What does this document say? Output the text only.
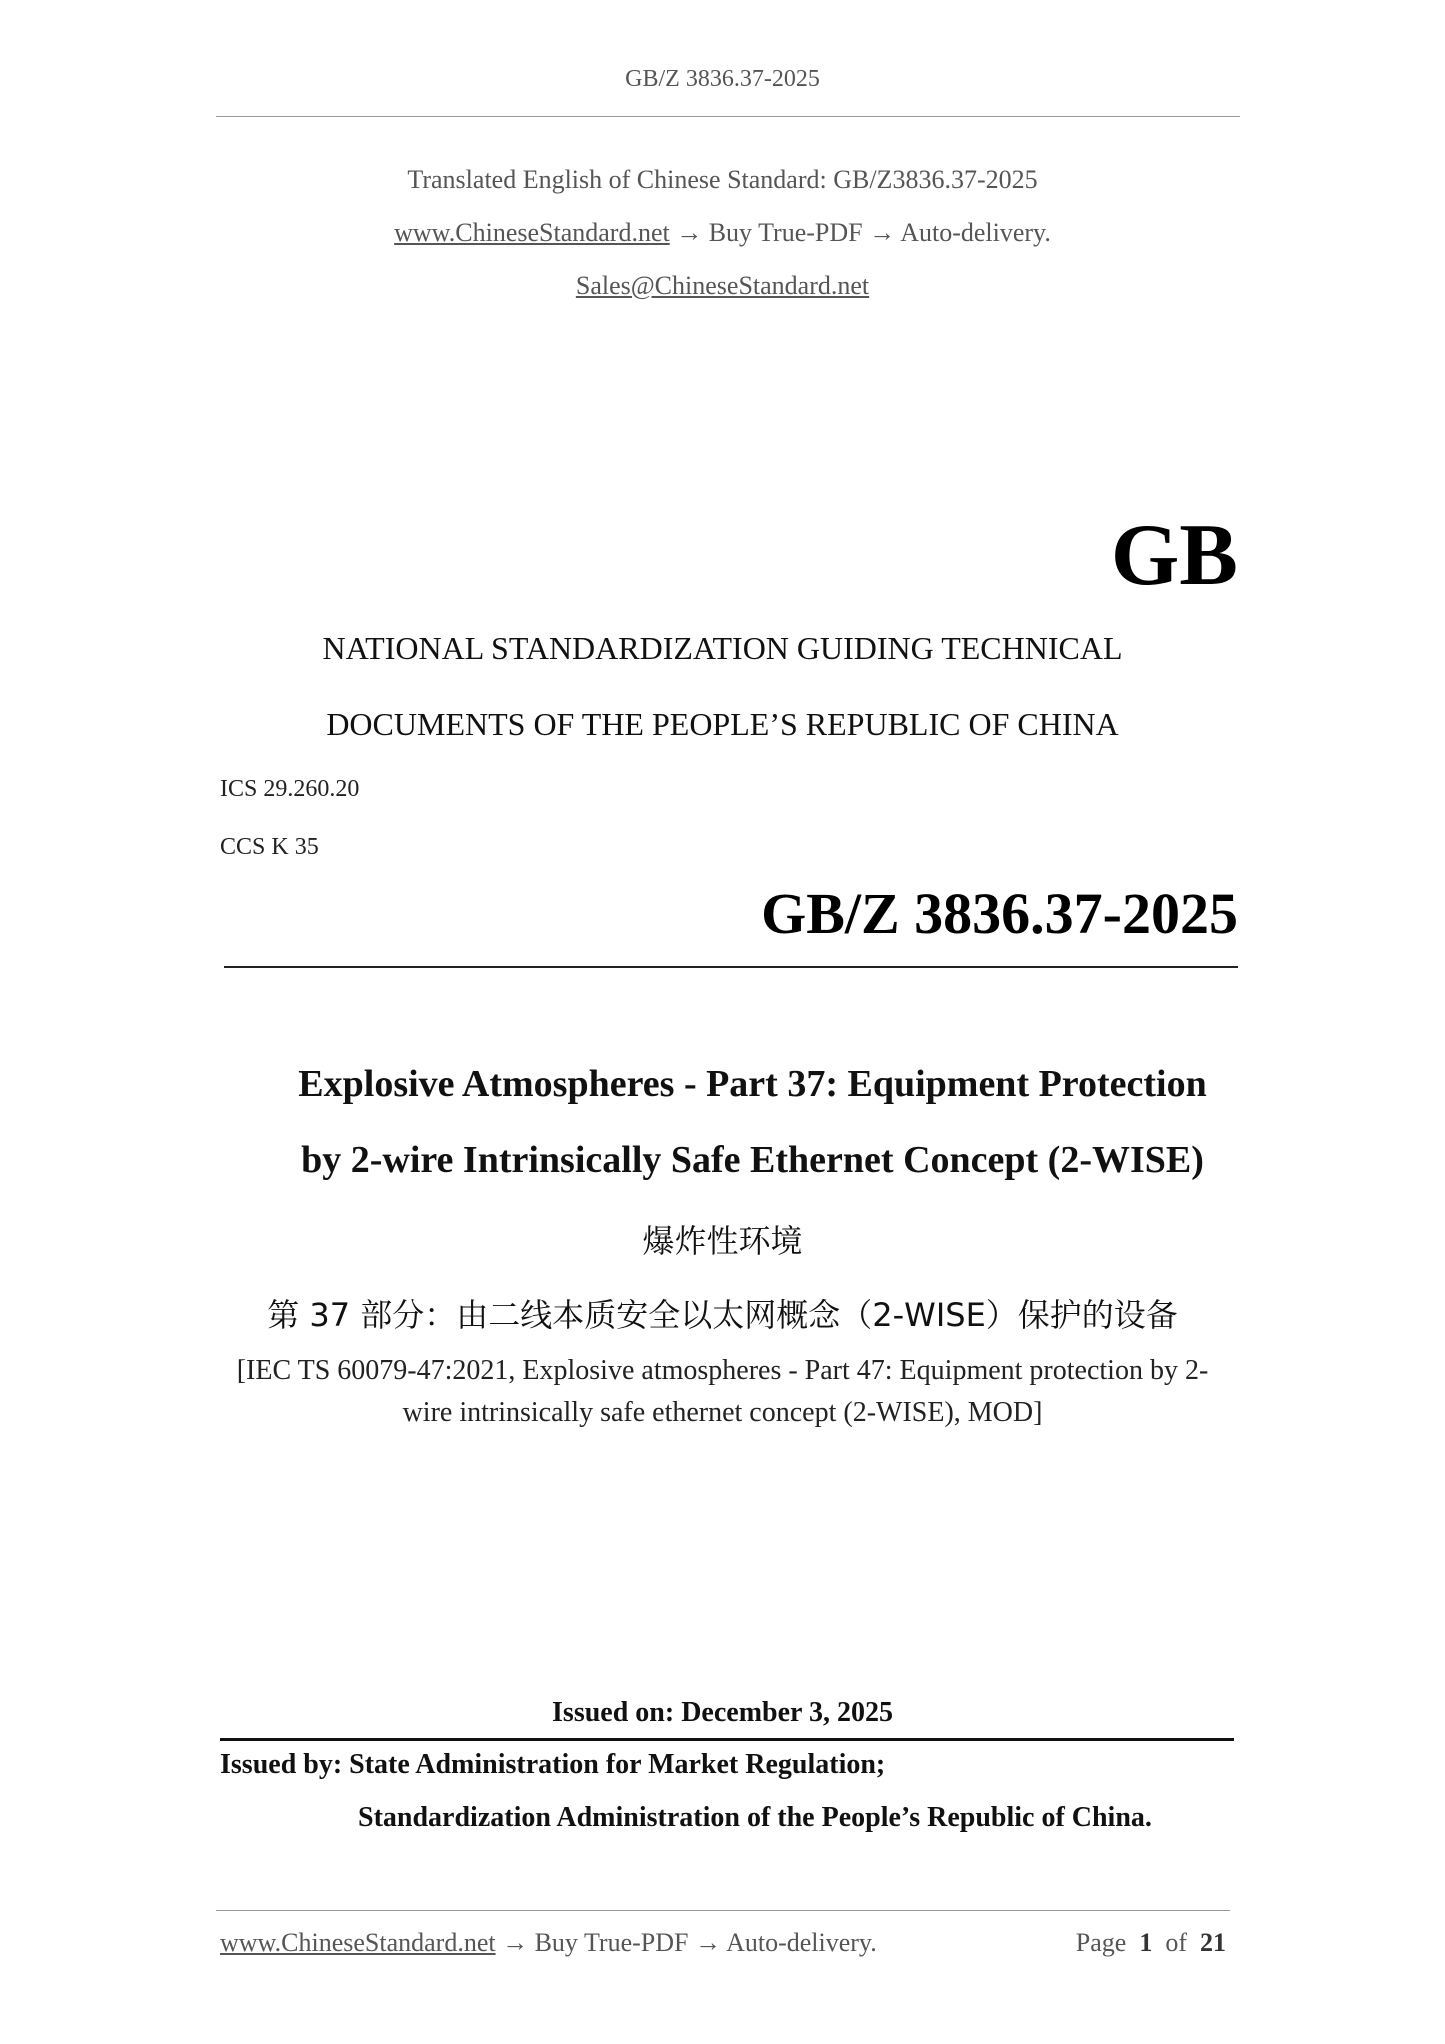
GB/Z 3836.37-2025
Translated English of Chinese Standard: GB/Z3836.37-2025
www.ChineseStandard.net → Buy True-PDF → Auto-delivery.
Sales@ChineseStandard.net
GB
NATIONAL STANDARDIZATION GUIDING TECHNICAL
DOCUMENTS OF THE PEOPLE’S REPUBLIC OF CHINA
ICS 29.260.20
CCS K 35
GB/Z 3836.37-2025
Explosive Atmospheres - Part 37: Equipment Protection
by 2-wire Intrinsically Safe Ethernet Concept (2-WISE)
爆炸性环境
第 37 部分：由二线本质安全以太网概念（2-WISE）保护的设备
[IEC TS 60079-47:2021, Explosive atmospheres - Part 47: Equipment protection by 2-wire intrinsically safe ethernet concept (2-WISE), MOD]
Issued on: December 3, 2025
Issued by: State Administration for Market Regulation;
Standardization Administration of the People’s Republic of China.
www.ChineseStandard.net → Buy True-PDF → Auto-delivery.	Page 1 of 21
